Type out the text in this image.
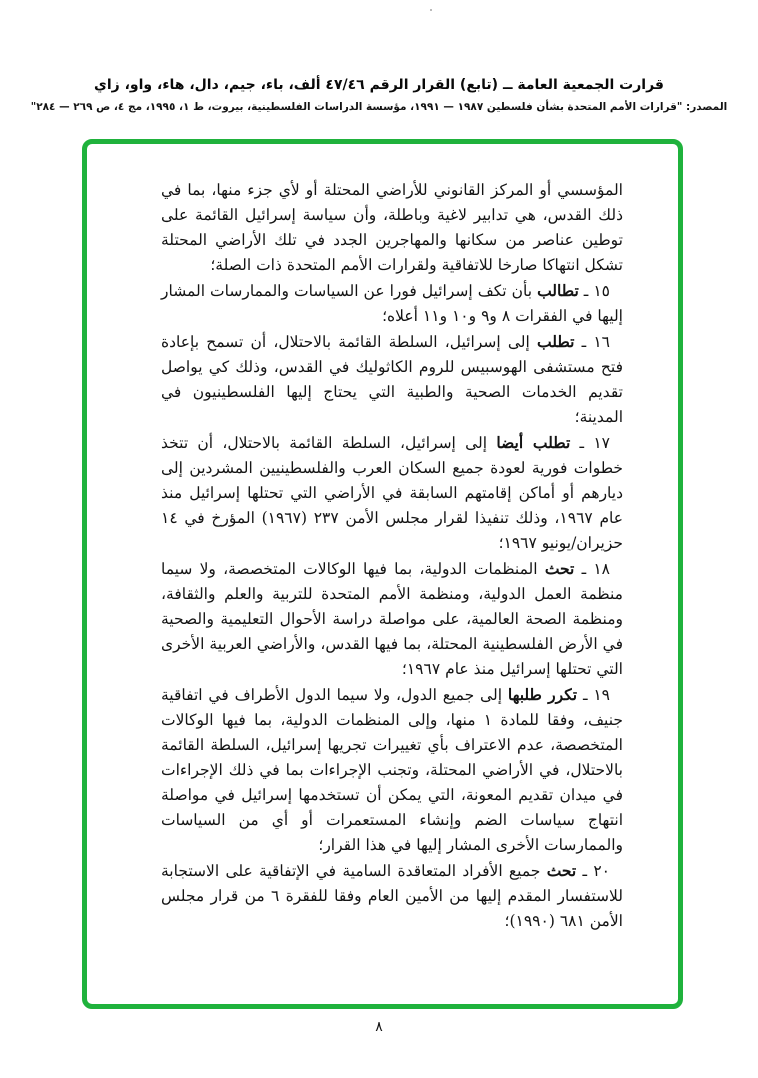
قرارت الجمعية العامة ــ (تابع) القرار الرقم ٤٧/٤٦ ألف، باء، جيم، دال، هاء، واو، زاي
المصدر: "قرارات الأمم المتحدة بشأن فلسطين ١٩٨٧ — ١٩٩١، مؤسسة الدراسات الفلسطينية، بيروت، ط ١، ١٩٩٥، مج ٤، ص ٢٦٩ — ٢٨٤"

المؤسسي أو المركز القانوني للأراضي المحتلة أو لأي جزء منها، بما في ذلك القدس، هي تدابير لاغية وباطلة، وأن سياسة إسرائيل القائمة على توطين عناصر من سكانها والمهاجرين الجدد في تلك الأراضي المحتلة تشكل انتهاكا صارخا للاتفاقية ولقرارات الأمم المتحدة ذات الصلة؛

١٥ ـ تطالب بأن تكف إسرائيل فورا عن السياسات والممارسات المشار إليها في الفقرات ٨ و٩ و١٠ و١١ أعلاه؛

١٦ ـ تطلب إلى إسرائيل، السلطة القائمة بالاحتلال، أن تسمح بإعادة فتح مستشفى الهوسبيس للروم الكاثوليك في القدس، وذلك كي يواصل تقديم الخدمات الصحية والطبية التي يحتاج إليها الفلسطينيون في المدينة؛

١٧ ـ تطلب أيضا إلى إسرائيل، السلطة القائمة بالاحتلال، أن تتخذ خطوات فورية لعودة جميع السكان العرب والفلسطينيين المشردين إلى ديارهم أو أماكن إقامتهم السابقة في الأراضي التي تحتلها إسرائيل منذ عام ١٩٦٧، وذلك تنفيذا لقرار مجلس الأمن ٢٣٧ (١٩٦٧) المؤرخ في ١٤ حزيران/يونيو ١٩٦٧؛

١٨ ـ تحث المنظمات الدولية، بما فيها الوكالات المتخصصة، ولا سيما منظمة العمل الدولية، ومنظمة الأمم المتحدة للتربية والعلم والثقافة، ومنظمة الصحة العالمية، على مواصلة دراسة الأحوال التعليمية والصحية في الأرض الفلسطينية المحتلة، بما فيها القدس، والأراضي العربية الأخرى التي تحتلها إسرائيل منذ عام ١٩٦٧؛

١٩ ـ تكرر طلبها إلى جميع الدول، ولا سيما الدول الأطراف في اتفاقية جنيف، وفقا للمادة ١ منها، وإلى المنظمات الدولية، بما فيها الوكالات المتخصصة، عدم الاعتراف بأي تغييرات تجريها إسرائيل، السلطة القائمة بالاحتلال، في الأراضي المحتلة، وتجنب الإجراءات بما في ذلك الإجراءات في ميدان تقديم المعونة، التي يمكن أن تستخدمها إسرائيل في مواصلة انتهاج سياسات الضم وإنشاء المستعمرات أو أي من السياسات والممارسات الأخرى المشار إليها في هذا القرار؛

٢٠ ـ تحث جميع الأفراد المتعاقدة السامية في الإتفاقية على الاستجابة للاستفسار المقدم إليها من الأمين العام وفقا للفقرة ٦ من قرار مجلس الأمن ٦٨١ (١٩٩٠)؛

٨
